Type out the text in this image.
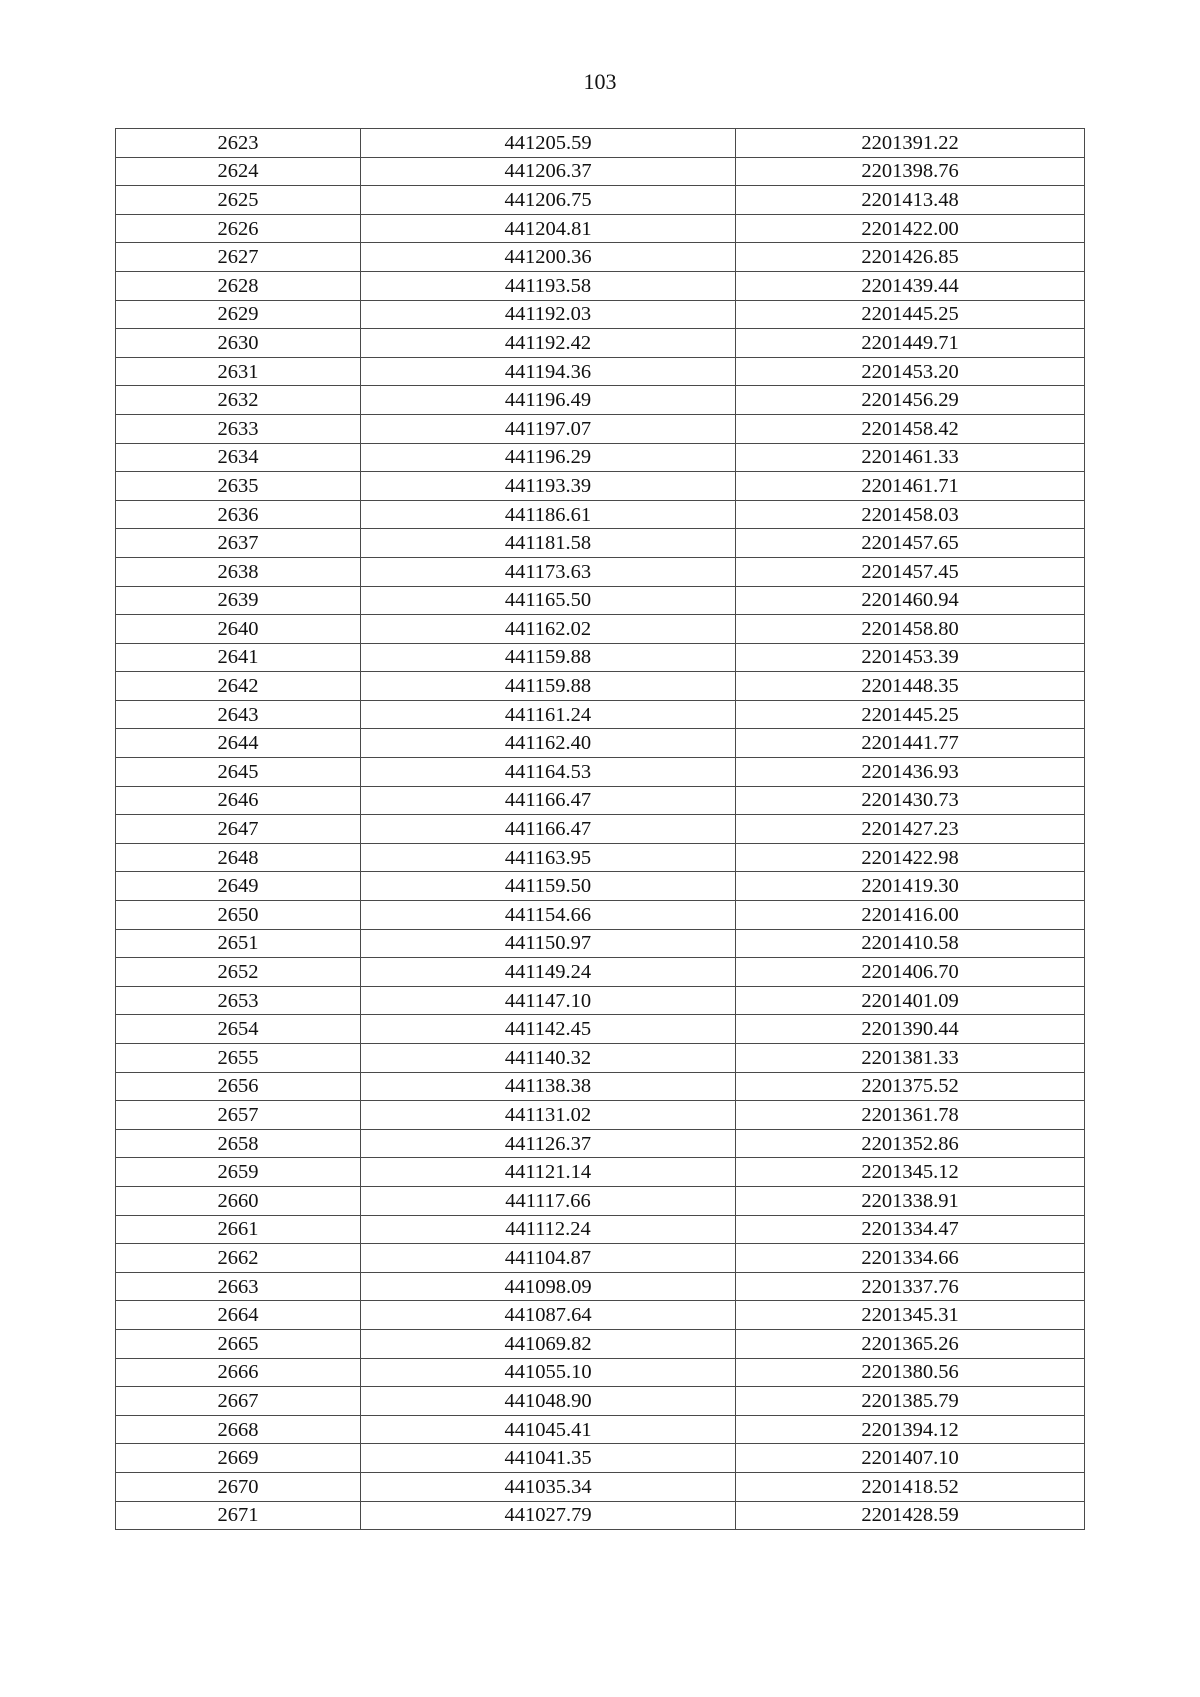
103
2623	441205.59	2201391.22
2624	441206.37	2201398.76
2625	441206.75	2201413.48
2626	441204.81	2201422.00
2627	441200.36	2201426.85
2628	441193.58	2201439.44
2629	441192.03	2201445.25
2630	441192.42	2201449.71
2631	441194.36	2201453.20
2632	441196.49	2201456.29
2633	441197.07	2201458.42
2634	441196.29	2201461.33
2635	441193.39	2201461.71
2636	441186.61	2201458.03
2637	441181.58	2201457.65
2638	441173.63	2201457.45
2639	441165.50	2201460.94
2640	441162.02	2201458.80
2641	441159.88	2201453.39
2642	441159.88	2201448.35
2643	441161.24	2201445.25
2644	441162.40	2201441.77
2645	441164.53	2201436.93
2646	441166.47	2201430.73
2647	441166.47	2201427.23
2648	441163.95	2201422.98
2649	441159.50	2201419.30
2650	441154.66	2201416.00
2651	441150.97	2201410.58
2652	441149.24	2201406.70
2653	441147.10	2201401.09
2654	441142.45	2201390.44
2655	441140.32	2201381.33
2656	441138.38	2201375.52
2657	441131.02	2201361.78
2658	441126.37	2201352.86
2659	441121.14	2201345.12
2660	441117.66	2201338.91
2661	441112.24	2201334.47
2662	441104.87	2201334.66
2663	441098.09	2201337.76
2664	441087.64	2201345.31
2665	441069.82	2201365.26
2666	441055.10	2201380.56
2667	441048.90	2201385.79
2668	441045.41	2201394.12
2669	441041.35	2201407.10
2670	441035.34	2201418.52
2671	441027.79	2201428.59
